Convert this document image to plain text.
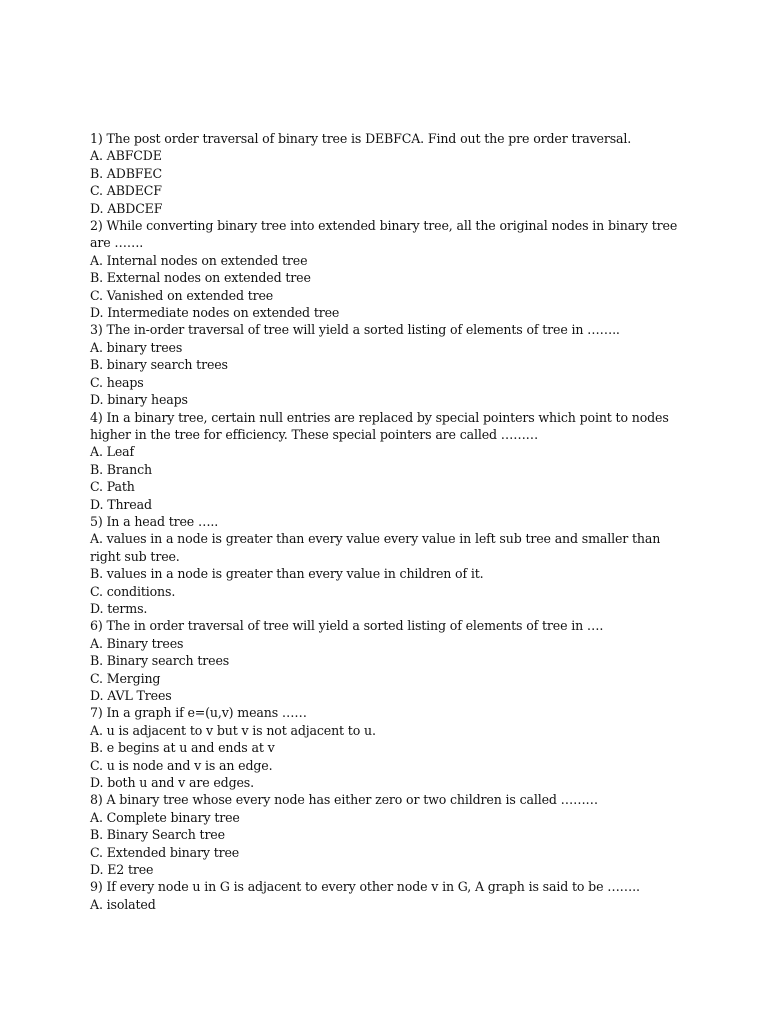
1) The post order traversal of binary tree is DEBFCA. Find out the pre order traversal.
A. ABFCDE
B. ADBFEC
C. ABDECF
D. ABDCEF
2) While converting binary tree into extended binary tree, all the original nodes in binary tree are …….
A. Internal nodes on extended tree
B. External nodes on extended tree
C. Vanished on extended tree
D. Intermediate nodes on extended tree
3) The in-order traversal of tree will yield a sorted listing of elements of tree in ……..
A. binary trees
B. binary search trees
C. heaps
D. binary heaps
4) In a binary tree, certain null entries are replaced by special pointers which point to nodes higher in the tree for efficiency. These special pointers are called ………
A. Leaf
B. Branch
C. Path
D. Thread
5) In a head tree …..
A. values in a node is greater than every value every value in left sub tree and smaller than right sub tree.
B. values in a node is greater than every value in children of it.
C. conditions.
D. terms.
6) The in order traversal of tree will yield a sorted listing of elements of tree in ….
A. Binary trees
B. Binary search trees
C. Merging
D. AVL Trees
7) In a graph if e=(u,v) means ……
A. u is adjacent to v but v is not adjacent to u.
B. e begins at u and ends at v
C. u is node and v is an edge.
D. both u and v are edges.
8) A binary tree whose every node has either zero or two children is called ………
A. Complete binary tree
B. Binary Search tree
C. Extended binary tree
D. E2 tree
9) If every node u in G is adjacent to every other node v in G, A graph is said to be ……..
A. isolated
